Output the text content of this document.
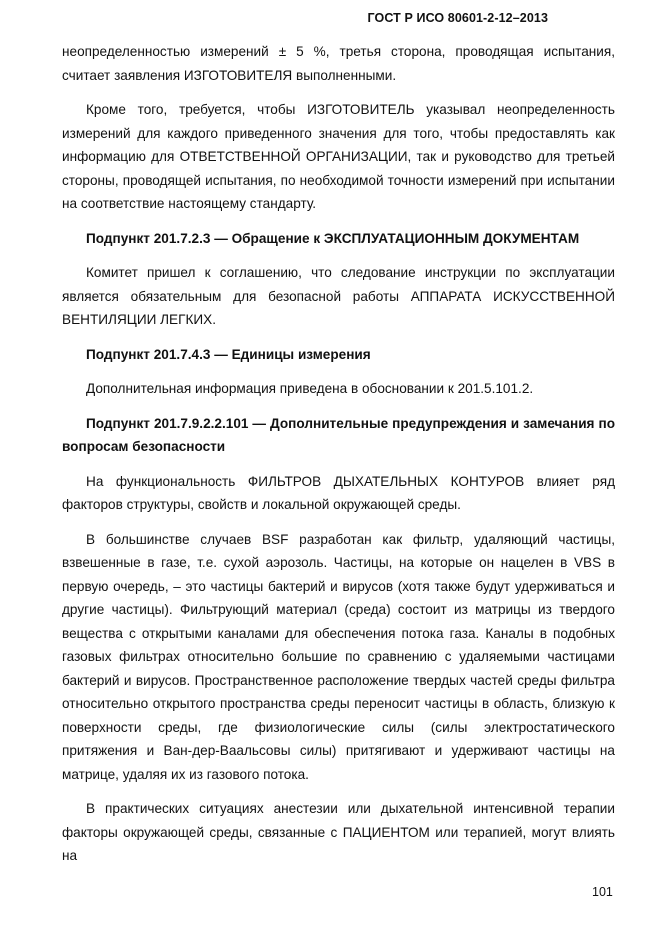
ГОСТ Р ИСО 80601-2-12–2013

неопределенностью измерений ± 5 %, третья сторона, проводящая испытания, считает заявления ИЗГОТОВИТЕЛЯ выполненными.

Кроме того, требуется, чтобы ИЗГОТОВИТЕЛЬ указывал неопределенность измерений для каждого приведенного значения для того, чтобы предоставлять как информацию для ОТВЕТСТВЕННОЙ ОРГАНИЗАЦИИ, так и руководство для третьей стороны, проводящей испытания, по необходимой точности измерений при испытании на соответствие настоящему стандарту.

Подпункт 201.7.2.3 — Обращение к ЭКСПЛУАТАЦИОННЫМ ДОКУМЕНТАМ

Комитет пришел к соглашению, что следование инструкции по эксплуатации является обязательным для безопасной работы АППАРАТА ИСКУССТВЕННОЙ ВЕНТИЛЯЦИИ ЛЕГКИХ.

Подпункт 201.7.4.3 — Единицы измерения

Дополнительная информация приведена в обосновании к 201.5.101.2.

Подпункт 201.7.9.2.2.101 — Дополнительные предупреждения и замечания по вопросам безопасности

На функциональность ФИЛЬТРОВ ДЫХАТЕЛЬНЫХ КОНТУРОВ влияет ряд факторов структуры, свойств и локальной окружающей среды.

В большинстве случаев BSF разработан как фильтр, удаляющий частицы, взвешенные в газе, т.е. сухой аэрозоль. Частицы, на которые он нацелен в VBS в первую очередь, – это частицы бактерий и вирусов (хотя также будут удерживаться и другие частицы). Фильтрующий материал (среда) состоит из матрицы из твердого вещества с открытыми каналами для обеспечения потока газа. Каналы в подобных газовых фильтрах относительно большие по сравнению с удаляемыми частицами бактерий и вирусов. Пространственное расположение твердых частей среды фильтра относительно открытого пространства среды переносит частицы в область, близкую к поверхности среды, где физиологические силы (силы электростатического притяжения и Ван-дер-Ваальсовы силы) притягивают и удерживают частицы на матрице, удаляя их из газового потока.

В практических ситуациях анестезии или дыхательной интенсивной терапии факторы окружающей среды, связанные с ПАЦИЕНТОМ или терапией, могут влиять на

101
